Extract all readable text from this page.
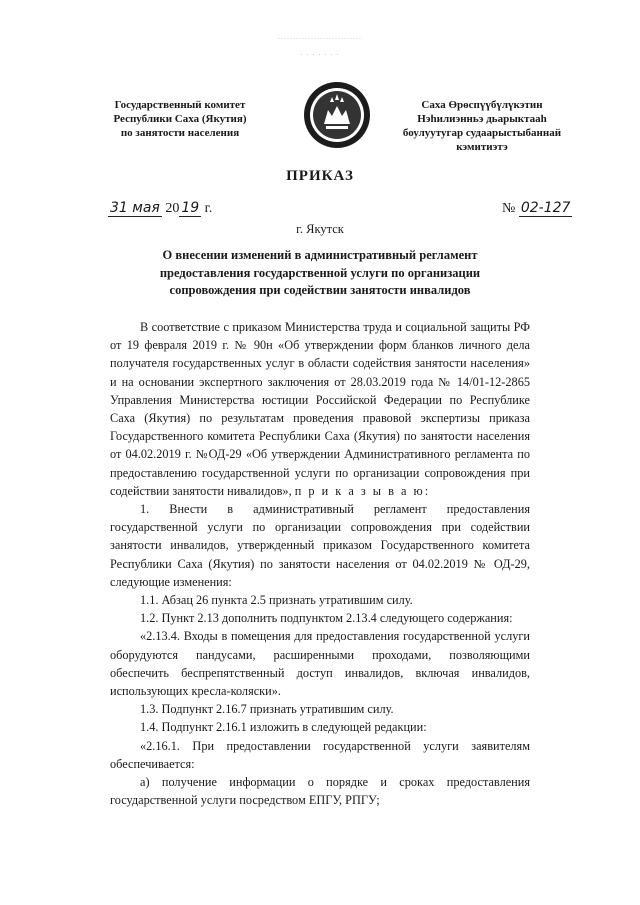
............................
. . . . . . .
Государственный комитет
Республики Саха (Якутия)
по занятости населения
Саха Өрөспүүбүлүкэтин
Нэһилиэнньэ дьарыктааһ
боулуутугар судаарыстыбаннай
кэмитиэтэ
ПРИКАЗ
31 мая 20 19 г.	№ 02-127
г. Якутск
О внесении изменений в административный регламент
предоставления государственной услуги по организации
сопровождения при содействии занятости инвалидов

В соответствие с приказом Министерства труда и социальной защиты РФ от 19 февраля 2019 г. № 90н «Об утверждении форм бланков личного дела получателя государственных услуг в области содействия занятости населения» и на основании экспертного заключения от 28.03.2019 года № 14/01-12-2865 Управления Министерства юстиции Российской Федерации по Республике Саха (Якутия) по результатам проведения правовой экспертизы приказа Государственного комитета Республики Саха (Якутия) по занятости населения от 04.02.2019 г. №ОД-29 «Об утверждении Административного регламента по предоставлению государственной услуги по организации сопровождения при содействии занятости нивалидов», п р и к а з ы в а ю:

1. Внести в административный регламент предоставления государственной услуги по организации сопровождения при содействии занятости инвалидов, утвержденный приказом Государственного комитета Республики Саха (Якутия) по занятости населения от 04.02.2019 № ОД-29, следующие изменения:

1.1. Абзац 26 пункта 2.5 признать утратившим силу.

1.2. Пункт 2.13 дополнить подпунктом 2.13.4 следующего содержания:

«2.13.4. Входы в помещения для предоставления государственной услуги оборудуются пандусами, расширенными проходами, позволяющими обеспечить беспрепятственный доступ инвалидов, включая инвалидов, использующих кресла-коляски».

1.3. Подпункт 2.16.7 признать утратившим силу.

1.4. Подпункт 2.16.1 изложить в следующей редакции:

«2.16.1. При предоставлении государственной услуги заявителям обеспечивается:

а) получение информации о порядке и сроках предоставления государственной услуги посредством ЕПГУ, РПГУ;
